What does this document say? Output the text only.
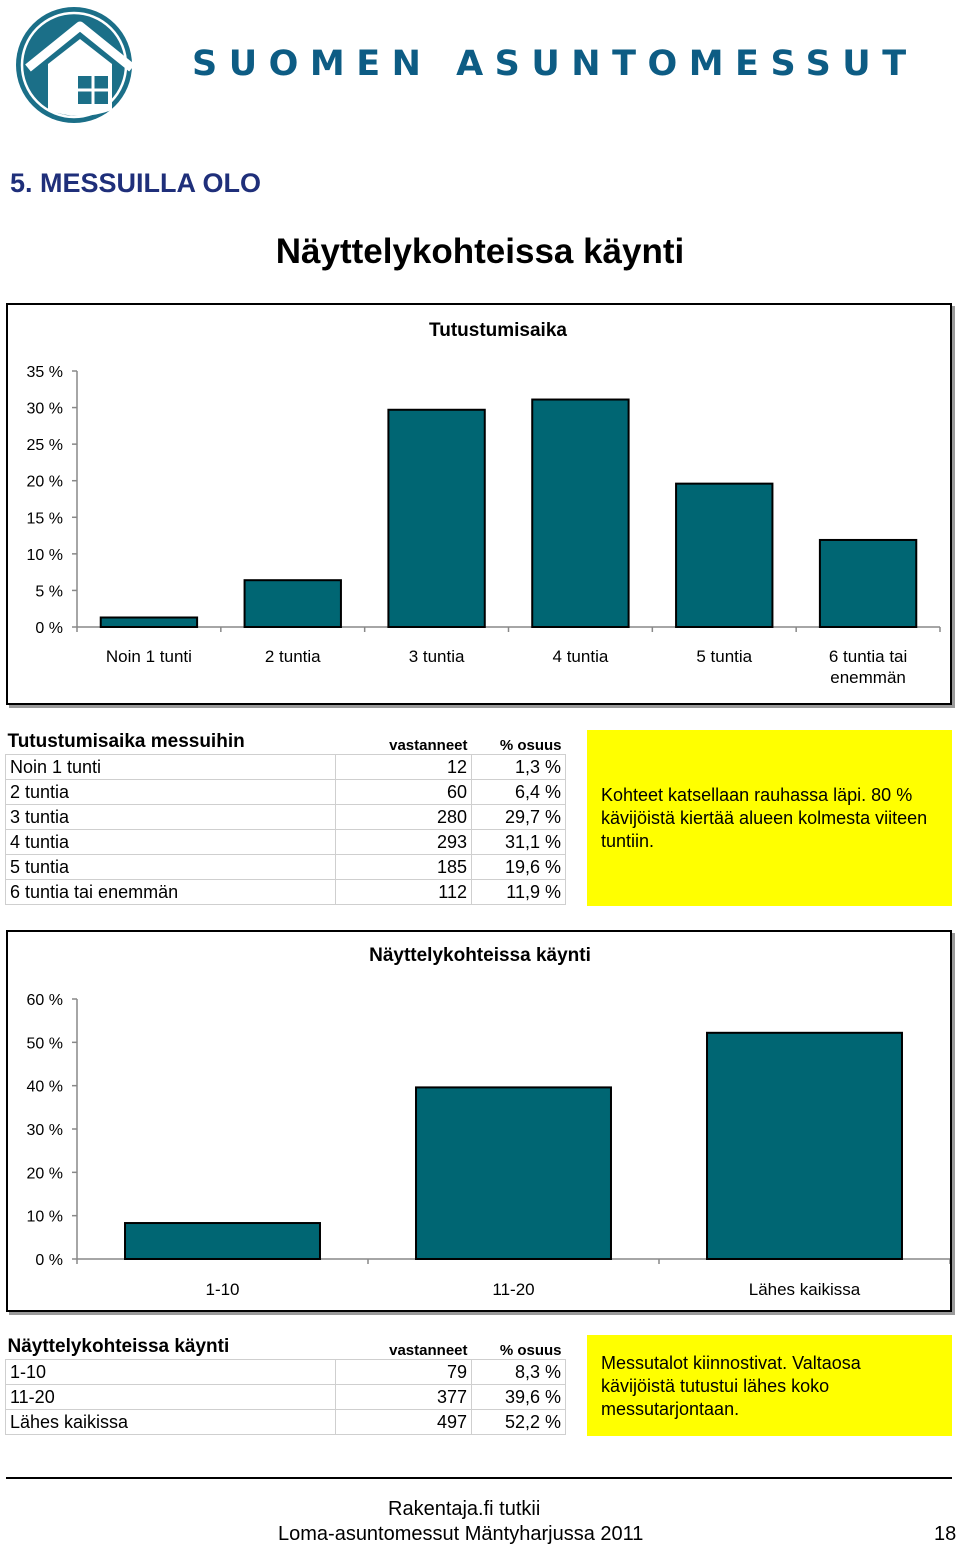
SUOMEN ASUNTOMESSUT
5. MESSUILLA OLO
Näyttelykohteissa käynti
Tutustumisaika
0 %
5 %
10 %
15 %
20 %
25 %
30 %
35 %
Noin 1 tunti	2 tuntia	3 tuntia	4 tuntia	5 tuntia	6 tuntia tai
enemmän
Tutustumisaika messuihin	vastanneet	% osuus
Noin 1 tunti	12	1,3 %
2 tuntia	60	6,4 %
3 tuntia	280	29,7 %
4 tuntia	293	31,1 %
5 tuntia	185	19,6 %
6 tuntia tai enemmän	112	11,9 %
Kohteet katsellaan rauhassa läpi. 80 % kävijöistä kiertää alueen kolmesta viiteen tuntiin.
Näyttelykohteissa käynti
0 %
10 %
20 %
30 %
40 %
50 %
60 %
1-10	11-20	Lähes kaikissa
Näyttelykohteissa käynti	vastanneet	% osuus
1-10	79	8,3 %
11-20	377	39,6 %
Lähes kaikissa	497	52,2 %
Messutalot kiinnostivat. Valtaosa kävijöistä tutustui lähes koko messutarjontaan.
Rakentaja.fi tutkii
Loma-asuntomessut Mäntyharjussa 2011	18
